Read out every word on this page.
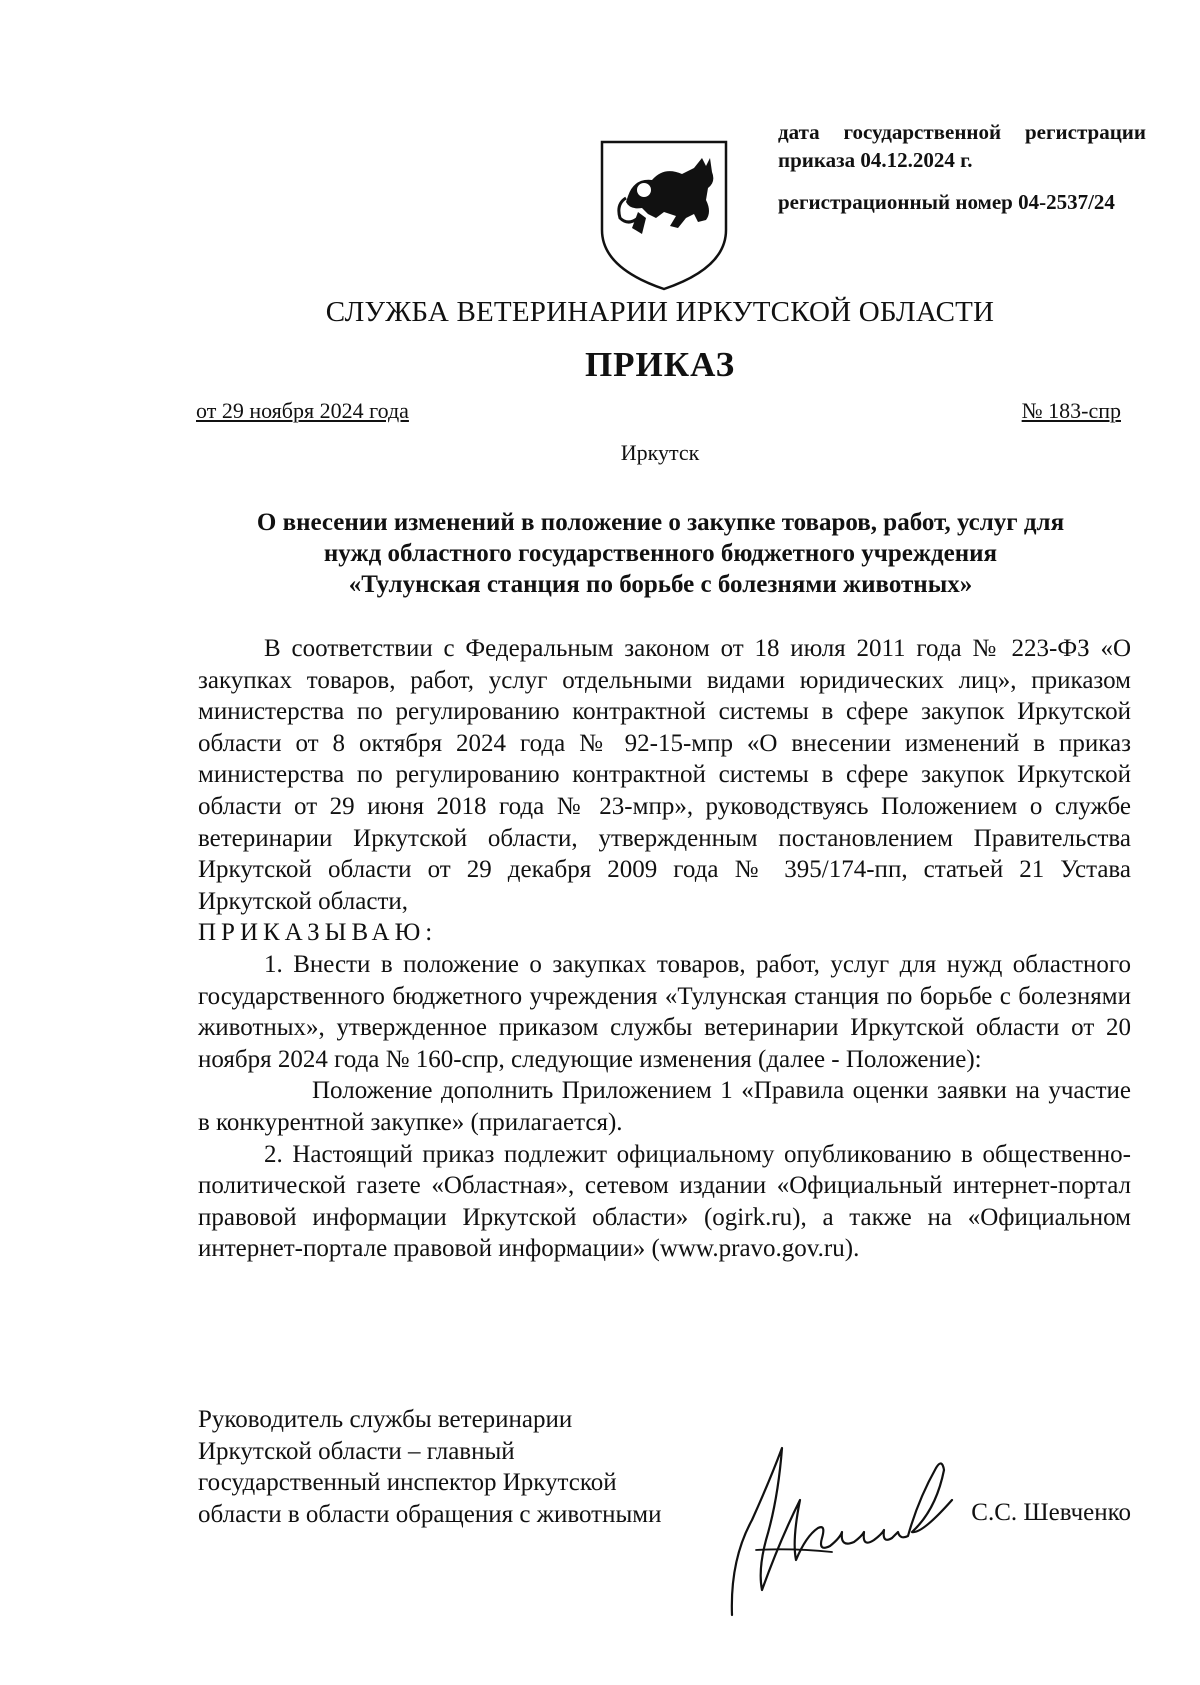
дата государственной регистрации
приказа 04.12.2024 г.
регистрационный номер 04-2537/24
СЛУЖБА ВЕТЕРИНАРИИ ИРКУТСКОЙ ОБЛАСТИ
ПРИКАЗ
от 29 ноября 2024 года	№ 183-спр
Иркутск
О внесении изменений в положение о закупке товаров, работ, услуг для
нужд областного государственного бюджетного учреждения
«Тулунская станция по борьбе с болезнями животных»

В соответствии с Федеральным законом от 18 июля 2011 года № 223-ФЗ «О закупках товаров, работ, услуг отдельными видами юридических лиц», приказом министерства по регулированию контрактной системы в сфере закупок Иркутской области от 8 октября 2024 года № 92-15-мпр «О внесении изменений в приказ министерства по регулированию контрактной системы в сфере закупок Иркутской области от 29 июня 2018 года № 23-мпр», руководствуясь Положением о службе ветеринарии Иркутской области, утвержденным постановлением Правительства Иркутской области от 29 декабря 2009 года № 395/174-пп, статьей 21 Устава Иркутской области,

ПРИКАЗЫВАЮ:

1. Внести в положение о закупках товаров, работ, услуг для нужд областного государственного бюджетного учреждения «Тулунская станция по борьбе с болезнями животных», утвержденное приказом службы ветеринарии Иркутской области от 20 ноября 2024 года № 160-спр, следующие изменения (далее - Положение):

Положение дополнить Приложением 1 «Правила оценки заявки на участие в конкурентной закупке» (прилагается).

2. Настоящий приказ подлежит официальному опубликованию в общественно-политической газете «Областная», сетевом издании «Официальный интернет-портал правовой информации Иркутской области» (ogirk.ru), а также на «Официальном интернет-портале правовой информации» (www.pravo.gov.ru).

Руководитель службы ветеринарии
Иркутской области – главный
государственный инспектор Иркутской
области в области обращения с животными	С.С. Шевченко
